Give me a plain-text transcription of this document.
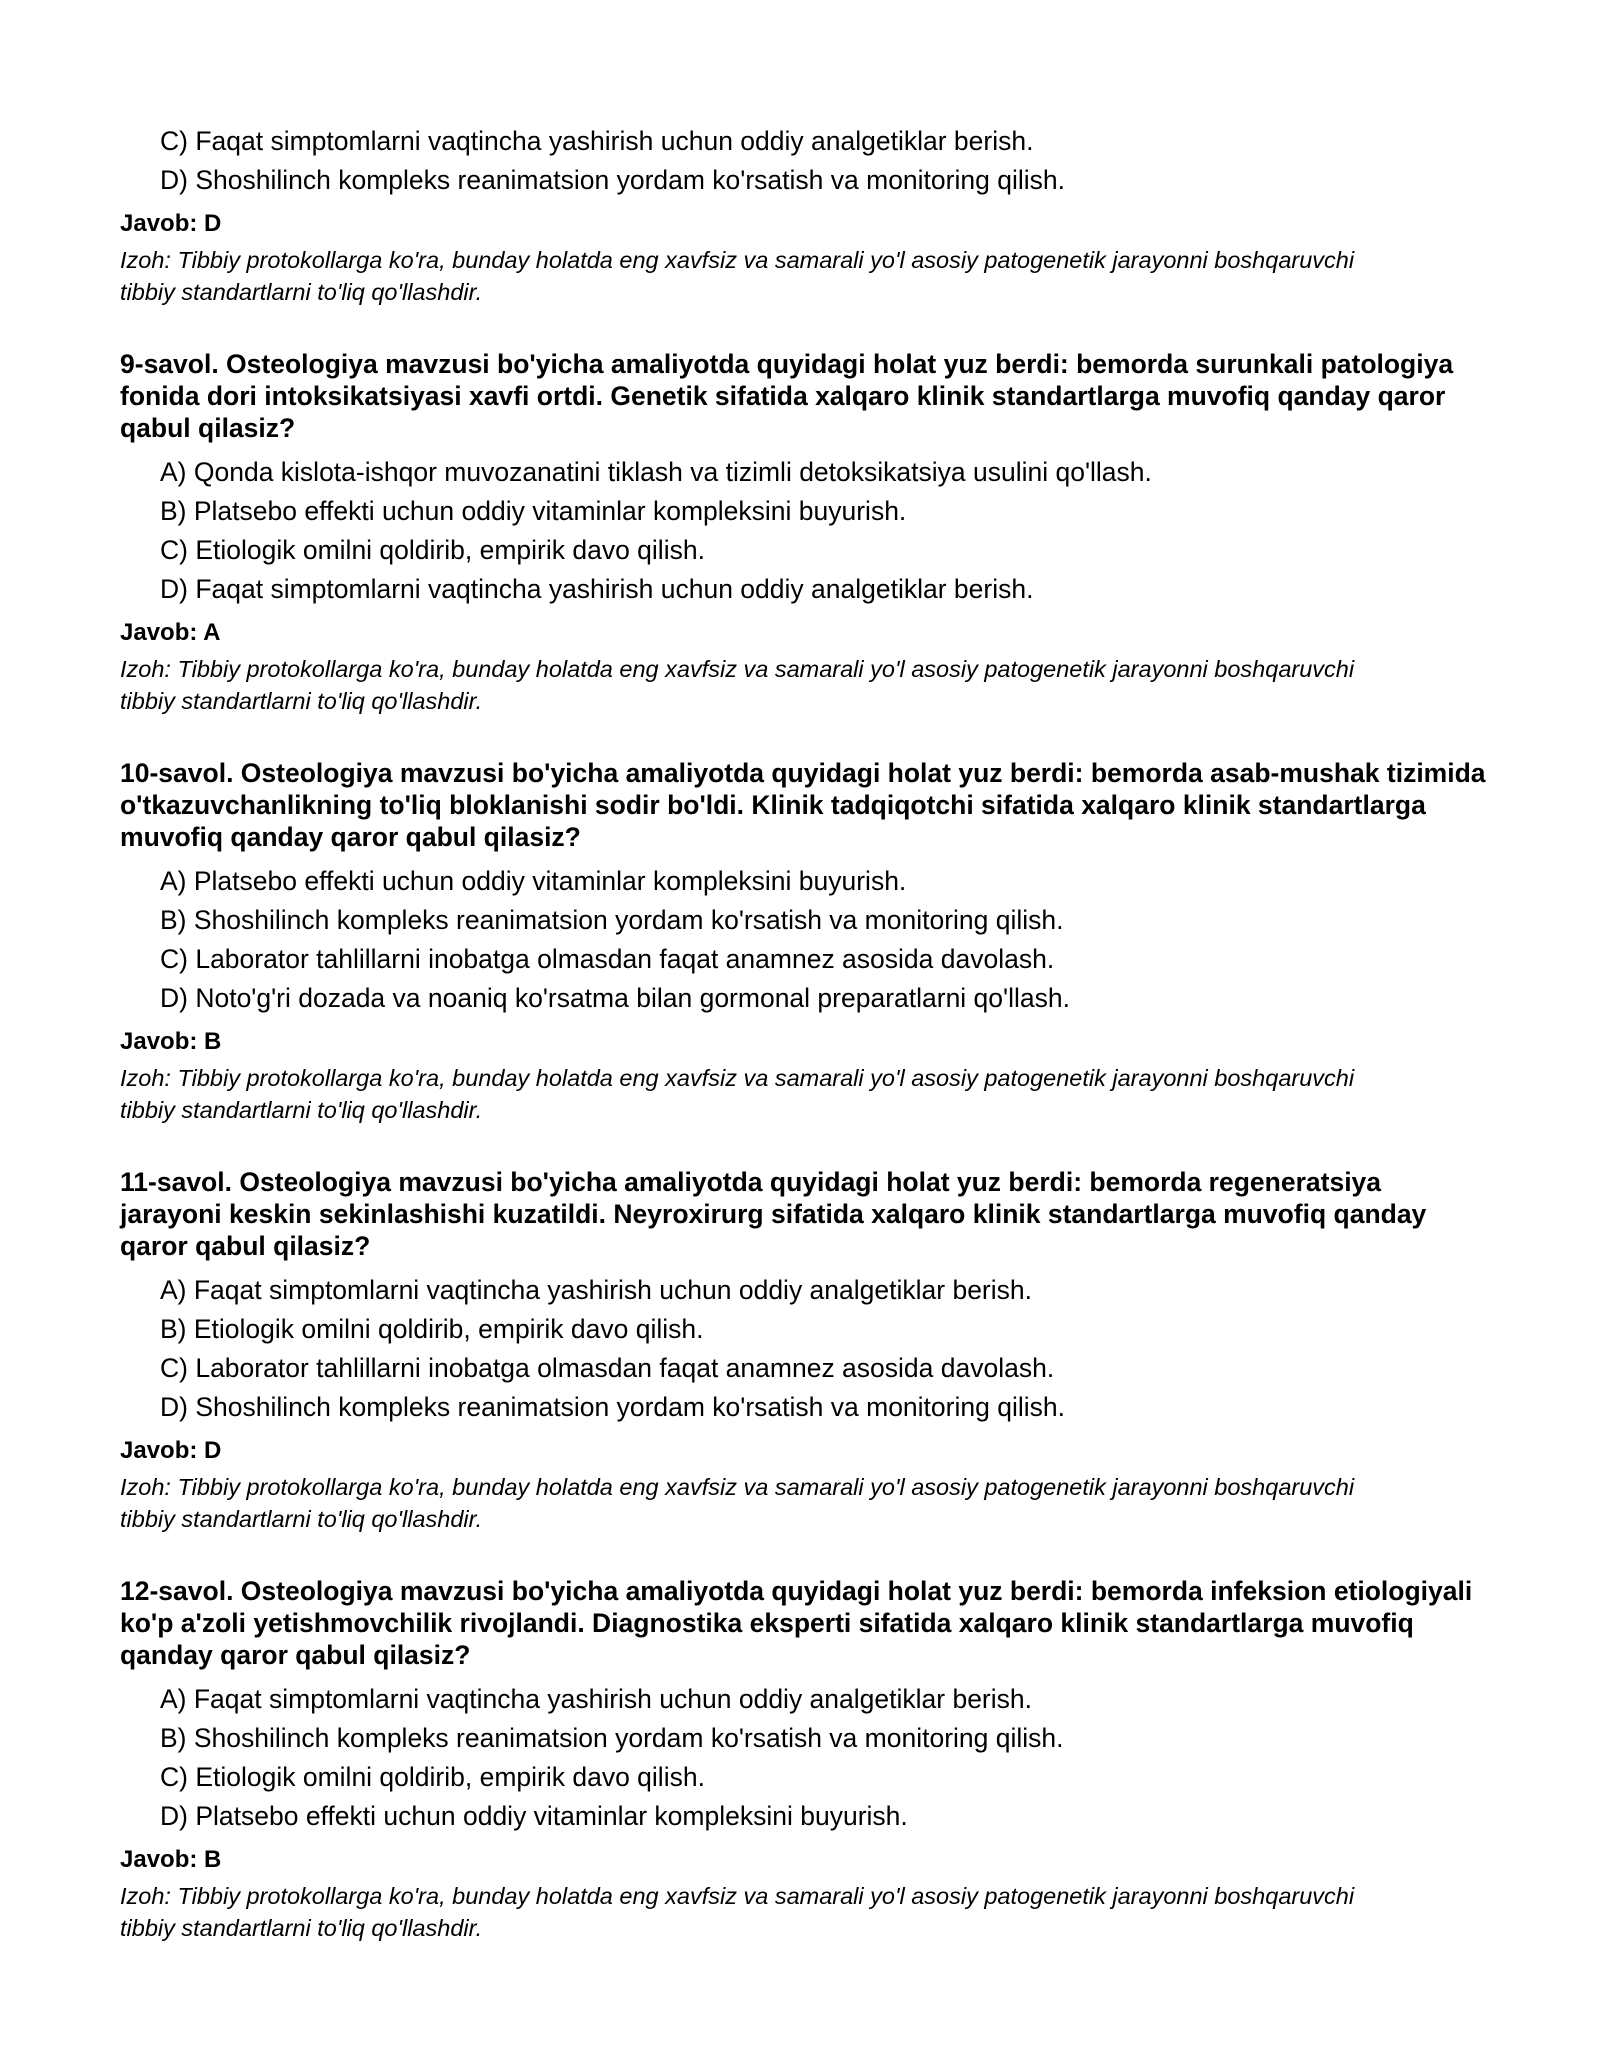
C) Faqat simptomlarni vaqtincha yashirish uchun oddiy analgetiklar berish.
D) Shoshilinch kompleks reanimatsion yordam ko'rsatish va monitoring qilish.
Javob: D
Izoh: Tibbiy protokollarga ko'ra, bunday holatda eng xavfsiz va samarali yo'l asosiy patogenetik jarayonni boshqaruvchi tibbiy standartlarni to'liq qo'llashdir.
9-savol. Osteologiya mavzusi bo'yicha amaliyotda quyidagi holat yuz berdi: bemorda surunkali patologiya fonida dori intoksikatsiyasi xavfi ortdi. Genetik sifatida xalqaro klinik standartlarga muvofiq qanday qaror qabul qilasiz?
A) Qonda kislota-ishqor muvozanatini tiklash va tizimli detoksikatsiya usulini qo'llash.
B) Platsebo effekti uchun oddiy vitaminlar kompleksini buyurish.
C) Etiologik omilni qoldirib, empirik davo qilish.
D) Faqat simptomlarni vaqtincha yashirish uchun oddiy analgetiklar berish.
Javob: A
Izoh: Tibbiy protokollarga ko'ra, bunday holatda eng xavfsiz va samarali yo'l asosiy patogenetik jarayonni boshqaruvchi tibbiy standartlarni to'liq qo'llashdir.
10-savol. Osteologiya mavzusi bo'yicha amaliyotda quyidagi holat yuz berdi: bemorda asab-mushak tizimida o'tkazuvchanlikning to'liq bloklanishi sodir bo'ldi. Klinik tadqiqotchi sifatida xalqaro klinik standartlarga muvofiq qanday qaror qabul qilasiz?
A) Platsebo effekti uchun oddiy vitaminlar kompleksini buyurish.
B) Shoshilinch kompleks reanimatsion yordam ko'rsatish va monitoring qilish.
C) Laborator tahlillarni inobatga olmasdan faqat anamnez asosida davolash.
D) Noto'g'ri dozada va noaniq ko'rsatma bilan gormonal preparatlarni qo'llash.
Javob: B
Izoh: Tibbiy protokollarga ko'ra, bunday holatda eng xavfsiz va samarali yo'l asosiy patogenetik jarayonni boshqaruvchi tibbiy standartlarni to'liq qo'llashdir.
11-savol. Osteologiya mavzusi bo'yicha amaliyotda quyidagi holat yuz berdi: bemorda regeneratsiya jarayoni keskin sekinlashishi kuzatildi. Neyroxirurg sifatida xalqaro klinik standartlarga muvofiq qanday qaror qabul qilasiz?
A) Faqat simptomlarni vaqtincha yashirish uchun oddiy analgetiklar berish.
B) Etiologik omilni qoldirib, empirik davo qilish.
C) Laborator tahlillarni inobatga olmasdan faqat anamnez asosida davolash.
D) Shoshilinch kompleks reanimatsion yordam ko'rsatish va monitoring qilish.
Javob: D
Izoh: Tibbiy protokollarga ko'ra, bunday holatda eng xavfsiz va samarali yo'l asosiy patogenetik jarayonni boshqaruvchi tibbiy standartlarni to'liq qo'llashdir.
12-savol. Osteologiya mavzusi bo'yicha amaliyotda quyidagi holat yuz berdi: bemorda infeksion etiologiyali ko'p a'zoli yetishmovchilik rivojlandi. Diagnostika eksperti sifatida xalqaro klinik standartlarga muvofiq qanday qaror qabul qilasiz?
A) Faqat simptomlarni vaqtincha yashirish uchun oddiy analgetiklar berish.
B) Shoshilinch kompleks reanimatsion yordam ko'rsatish va monitoring qilish.
C) Etiologik omilni qoldirib, empirik davo qilish.
D) Platsebo effekti uchun oddiy vitaminlar kompleksini buyurish.
Javob: B
Izoh: Tibbiy protokollarga ko'ra, bunday holatda eng xavfsiz va samarali yo'l asosiy patogenetik jarayonni boshqaruvchi tibbiy standartlarni to'liq qo'llashdir.
